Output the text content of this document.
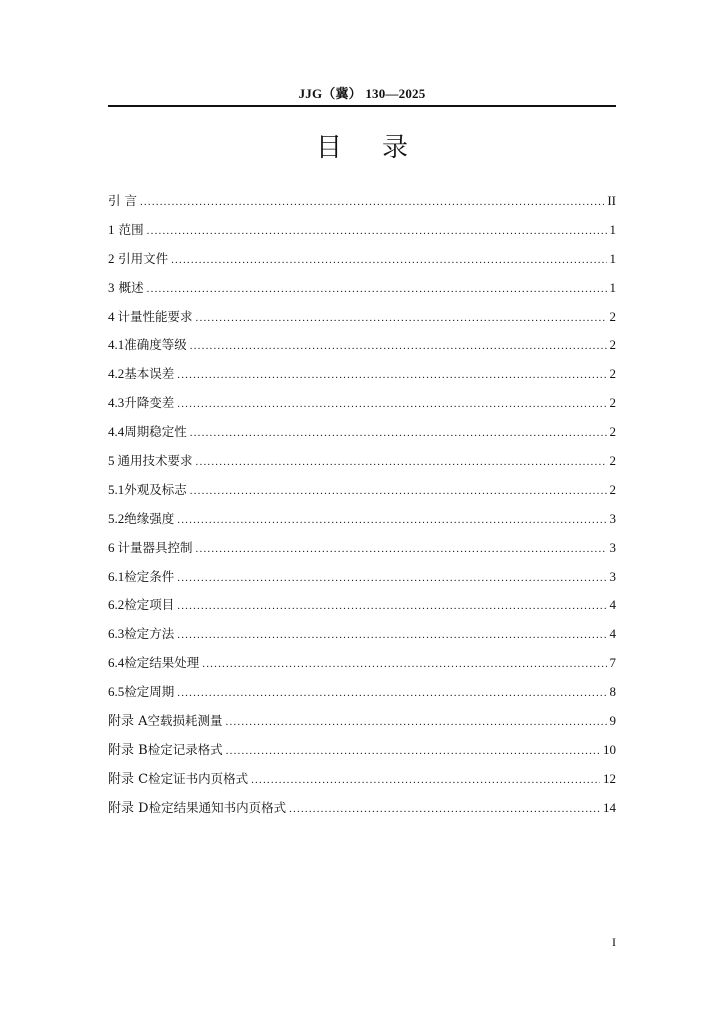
JJG（冀） 130—2025
目录
引 言 .....	II
1 范围 .....	1
2 引用文件 .....	1
3 概述 .....	1
4 计量性能要求 .....	2
4.1 准确度等级 .....	2
4.2 基本误差 .....	2
4.3 升降变差 .....	2
4.4 周期稳定性 .....	2
5 通用技术要求 .....	2
5.1 外观及标志 .....	2
5.2 绝缘强度 .....	3
6 计量器具控制 .....	3
6.1 检定条件 .....	3
6.2 检定项目 .....	4
6.3 检定方法 .....	4
6.4 检定结果处理 .....	7
6.5 检定周期 .....	8
附录 A 空载损耗测量 .....	9
附录 B 检定记录格式 .....	10
附录 C 检定证书内页格式 .....	12
附录 D 检定结果通知书内页格式 .....	14
I
